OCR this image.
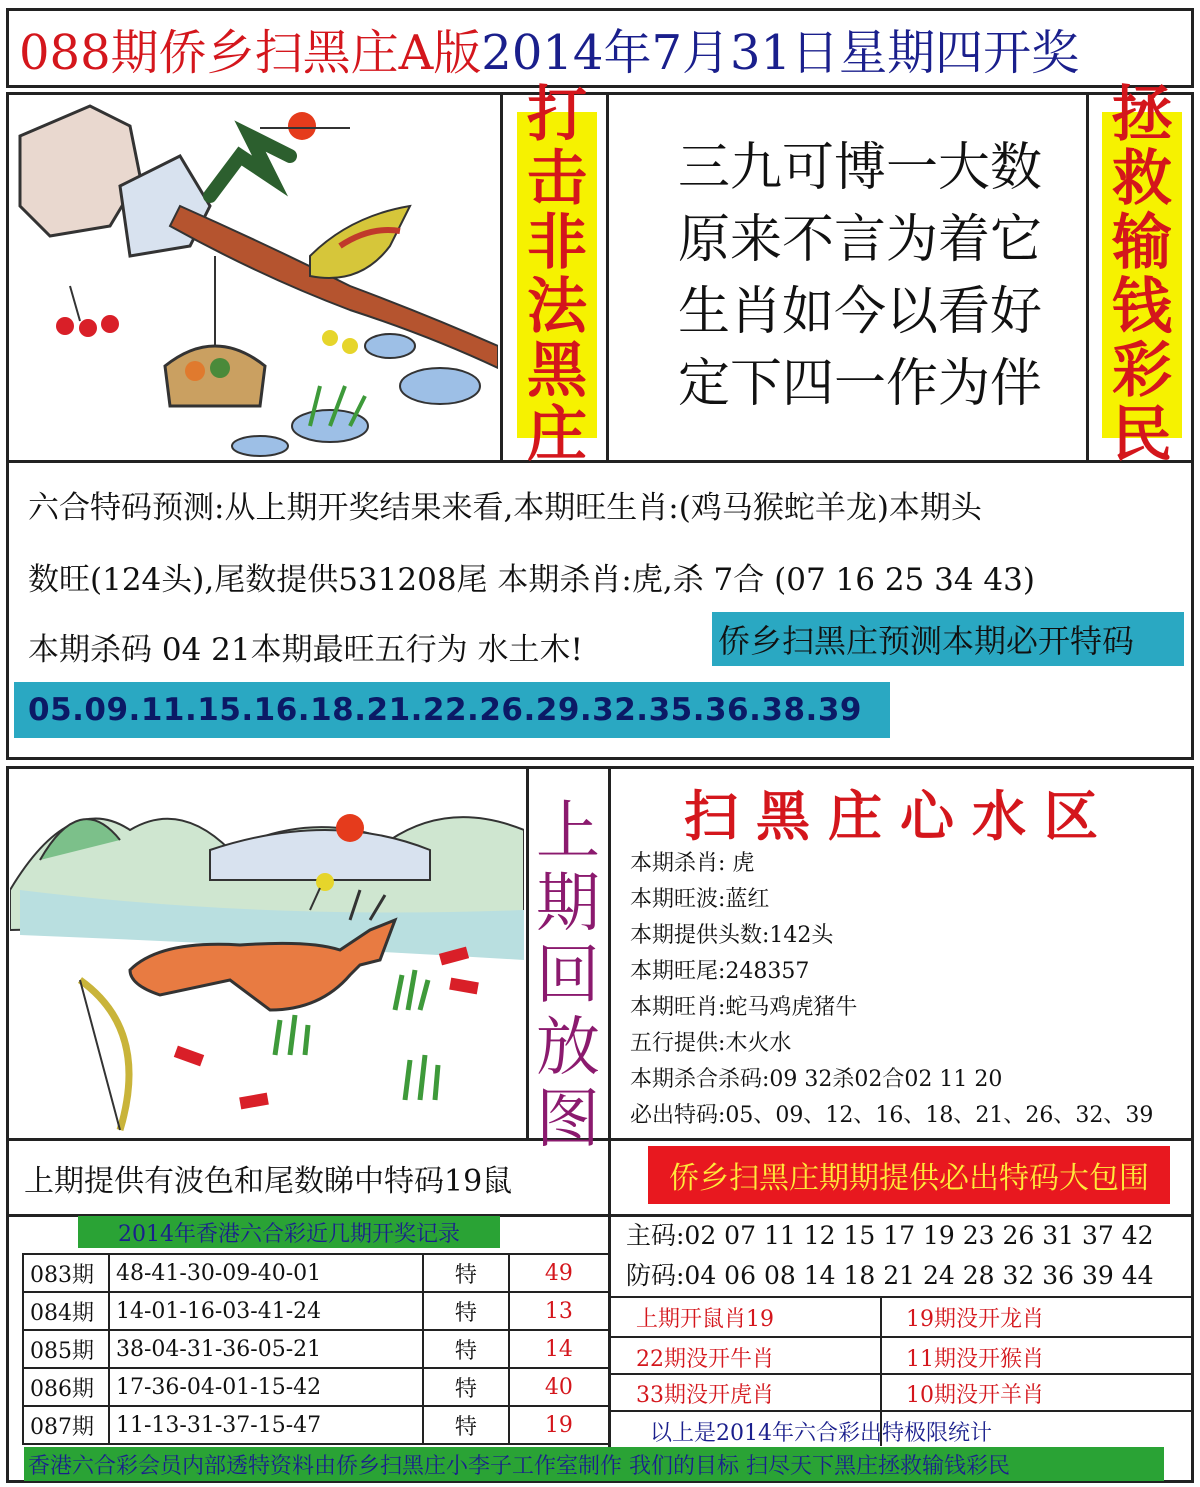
088期侨乡扫黑庄A版 2014年7月31日星期四开奖
打
击
非
法
黑
庄
三九可博一大数
原来不言为着它
生肖如今以看好
定下四一作为伴
拯
救
输
钱
彩
民
六合特码预测:从上期开奖结果来看,本期旺生肖:(鸡马猴蛇羊龙)本期头
数旺(124头),尾数提供531208尾 本期杀肖:虎,杀 7合 (07 16 25 34 43)
本期杀码 04 21本期最旺五行为 水土木!	侨乡扫黑庄预测本期必开特码
05.09.11.15.16.18.21.22.26.29.32.35.36.38.39
上
期
回
放
图
扫黑庄心水区
本期杀肖: 虎
本期旺波:蓝红
本期提供头数:142头
本期旺尾:248357
本期旺肖:蛇马鸡虎猪牛
五行提供:木火水
本期杀合杀码:09 32杀02合02 11 20
必出特码:05、09、12、16、18、21、26、32、39
上期提供有波色和尾数睇中特码19鼠	侨乡扫黑庄期期提供必出特码大包围
2014年香港六合彩近几期开奖记录	主码:02 07 11 12 15 17 19 23 26 31 37 42
防码:04 06 08 14 18 21 24 28 32 36 39 44
083期	48-41-30-09-40-01	特	49
084期	14-01-16-03-41-24	特	13
085期	38-04-31-36-05-21	特	14
086期	17-36-04-01-15-42	特	40
087期	11-13-31-37-15-47	特	19
上期开鼠肖19	19期没开龙肖
22期没开牛肖	11期没开猴肖
33期没开虎肖	10期没开羊肖
以上是2014年六合彩出特极限统计
香港六合彩会员内部透特资料由侨乡扫黑庄小李子工作室制作 我们的目标 扫尽天下黑庄拯救输钱彩民
